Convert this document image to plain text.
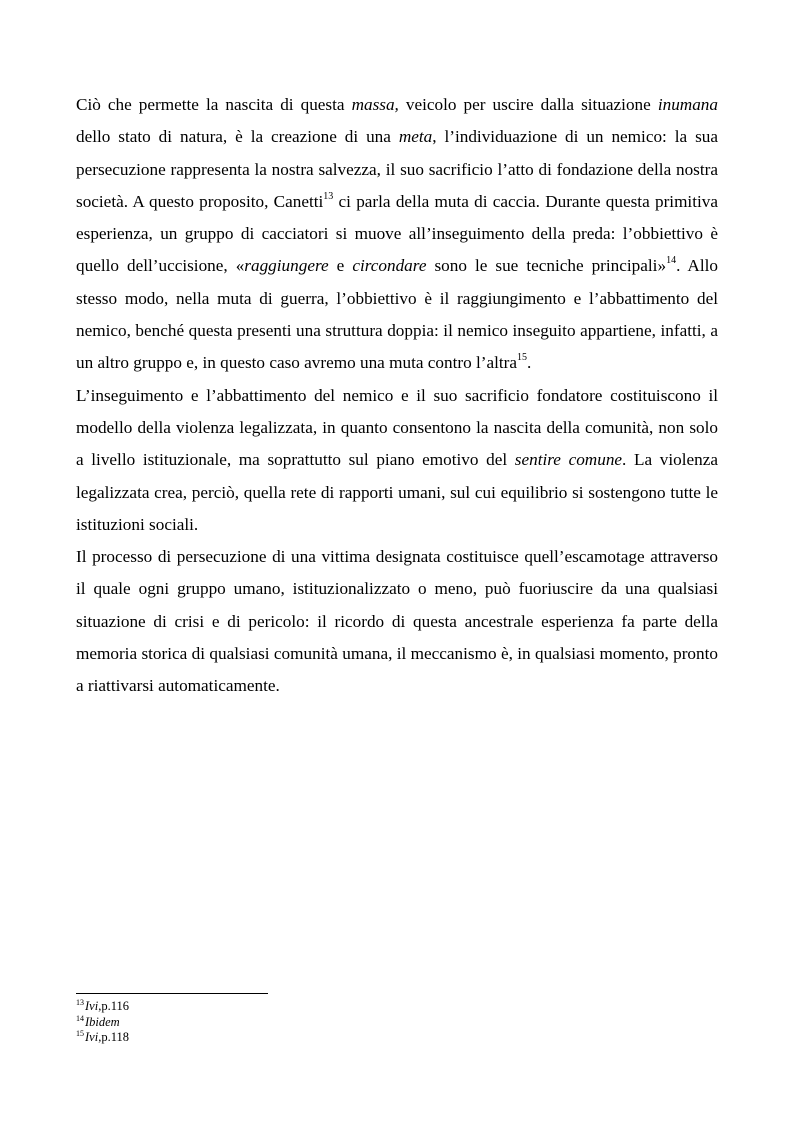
Ciò che permette la nascita di questa massa, veicolo per uscire dalla situazione inumana dello stato di natura, è la creazione di una meta, l’individuazione di un nemico: la sua persecuzione rappresenta la nostra salvezza, il suo sacrificio l’atto di fondazione della nostra società. A questo proposito, Canetti$^{13}$ ci parla della muta di caccia. Durante questa primitiva esperienza, un gruppo di cacciatori si muove all’inseguimento della preda: l’obbiettivo è quello dell’uccisione, «raggiungere e circondare sono le sue tecniche principali»$^{14}$. Allo stesso modo, nella muta di guerra, l’obbiettivo è il raggiungimento e l’abbattimento del nemico, benché questa presenti una struttura doppia: il nemico inseguito appartiene, infatti, a un altro gruppo e, in questo caso avremo una muta contro l’altra$^{15}$.

L’inseguimento e l’abbattimento del nemico e il suo sacrificio fondatore costituiscono il modello della violenza legalizzata, in quanto consentono la nascita della comunità, non solo a livello istituzionale, ma soprattutto sul piano emotivo del sentire comune. La violenza legalizzata crea, perciò, quella rete di rapporti umani, sul cui equilibrio si sostengono tutte le istituzioni sociali.

Il processo di persecuzione di una vittima designata costituisce quell’escamotage attraverso il quale ogni gruppo umano, istituzionalizzato o meno, può fuoriuscire da una qualsiasi situazione di crisi e di pericolo: il ricordo di questa ancestrale esperienza fa parte della memoria storica di qualsiasi comunità umana, il meccanismo è, in qualsiasi momento, pronto a riattivarsi automaticamente.

$^{13}$Ivi,p.116

$^{14}$Ibidem

$^{15}$Ivi,p.118
